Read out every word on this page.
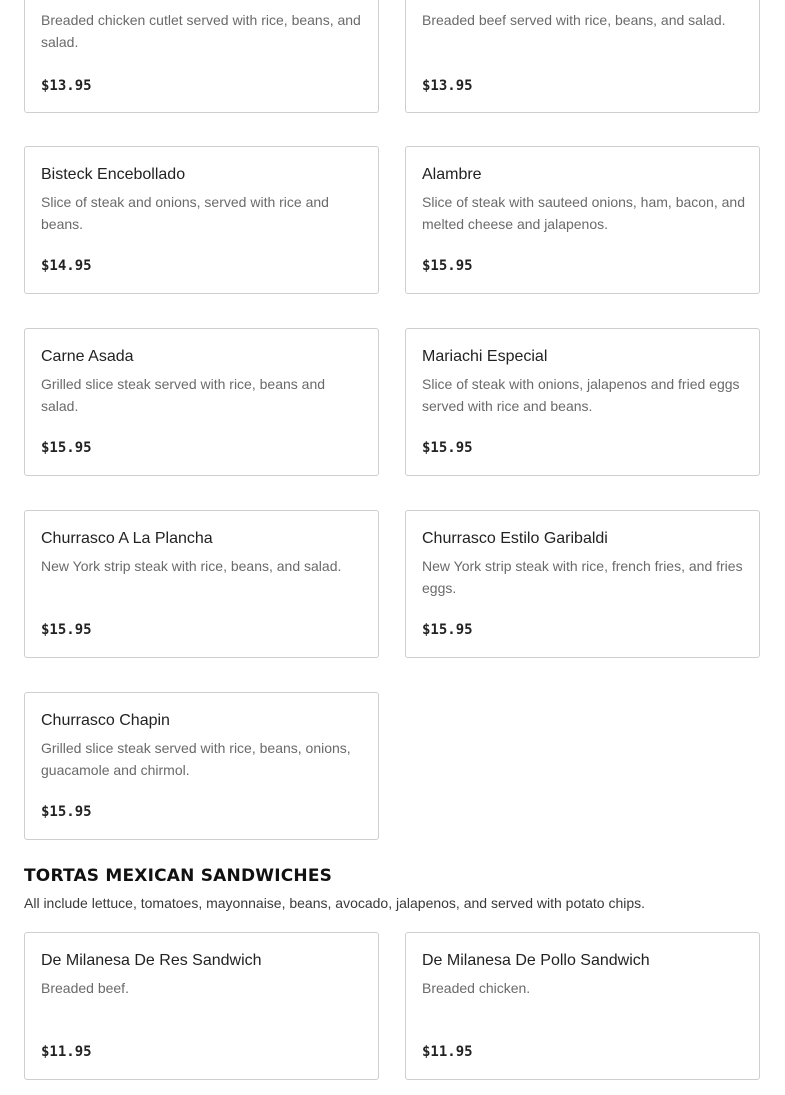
Breaded chicken cutlet served with rice, beans, and salad.
$13.95
Breaded beef served with rice, beans, and salad.
$13.95
Bisteck Encebollado
Slice of steak and onions, served with rice and beans.
$14.95
Alambre
Slice of steak with sauteed onions, ham, bacon, and melted cheese and jalapenos.
$15.95
Carne Asada
Grilled slice steak served with rice, beans and salad.
$15.95
Mariachi Especial
Slice of steak with onions, jalapenos and fried eggs served with rice and beans.
$15.95
Churrasco A La Plancha
New York strip steak with rice, beans, and salad.
$15.95
Churrasco Estilo Garibaldi
New York strip steak with rice, french fries, and fries eggs.
$15.95
Churrasco Chapin
Grilled slice steak served with rice, beans, onions, guacamole and chirmol.
$15.95
TORTAS MEXICAN SANDWICHES
All include lettuce, tomatoes, mayonnaise, beans, avocado, jalapenos, and served with potato chips.
De Milanesa De Res Sandwich
Breaded beef.
$11.95
De Milanesa De Pollo Sandwich
Breaded chicken.
$11.95
